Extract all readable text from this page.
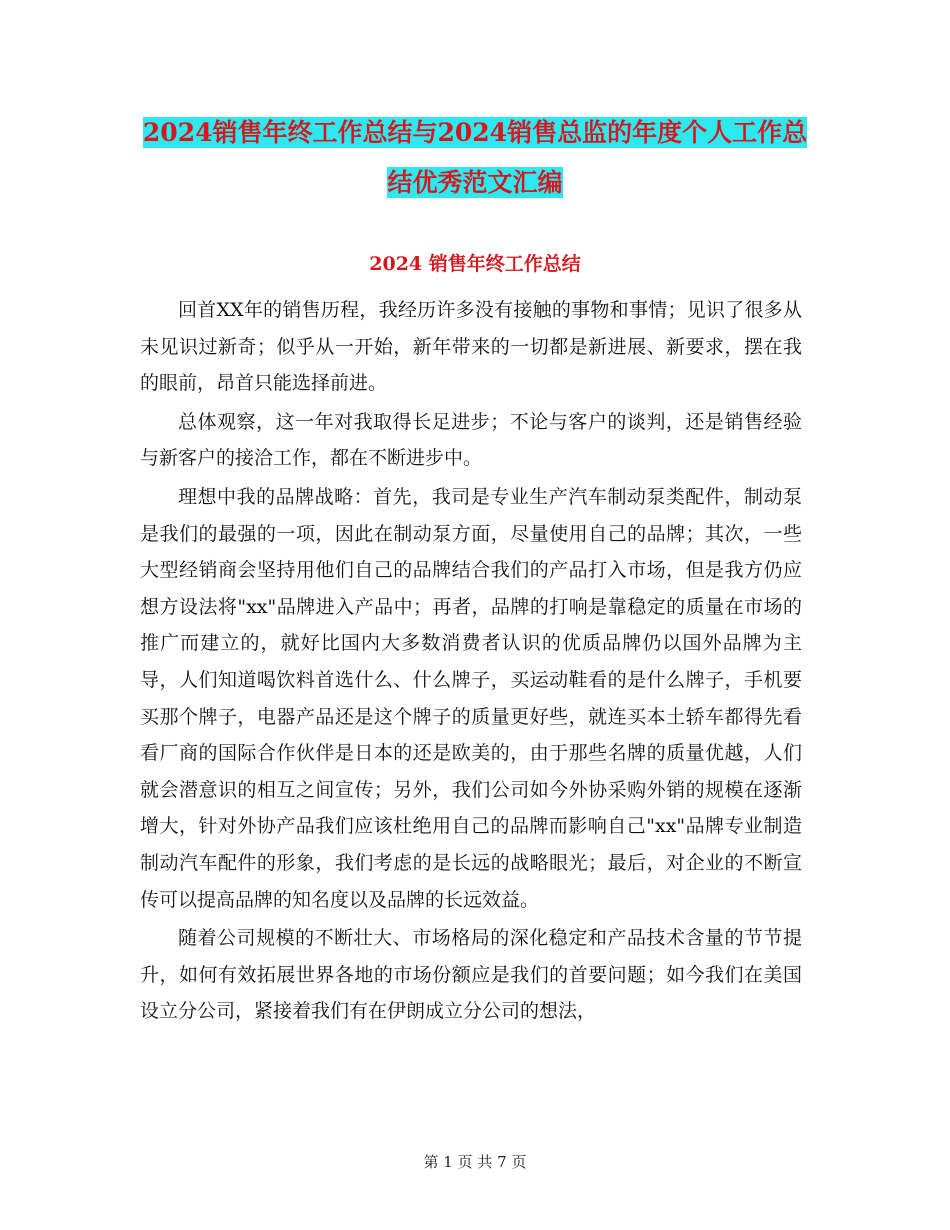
2024销售年终工作总结与2024销售总监的年度个人工作总结优秀范文汇编
2024 销售年终工作总结

回首XX年的销售历程，我经历许多没有接触的事物和事情；见识了很多从未见识过新奇；似乎从一开始，新年带来的一切都是新进展、新要求，摆在我的眼前，昂首只能选择前进。

总体观察，这一年对我取得长足进步；不论与客户的谈判，还是销售经验与新客户的接洽工作，都在不断进步中。

理想中我的品牌战略：首先，我司是专业生产汽车制动泵类配件，制动泵是我们的最强的一项，因此在制动泵方面，尽量使用自己的品牌；其次，一些大型经销商会坚持用他们自己的品牌结合我们的产品打入市场，但是我方仍应想方设法将"xx"品牌进入产品中；再者，品牌的打响是靠稳定的质量在市场的推广而建立的，就好比国内大多数消费者认识的优质品牌仍以国外品牌为主导，人们知道喝饮料首选什么、什么牌子，买运动鞋看的是什么牌子，手机要买那个牌子，电器产品还是这个牌子的质量更好些，就连买本土轿车都得先看看厂商的国际合作伙伴是日本的还是欧美的，由于那些名牌的质量优越，人们就会潜意识的相互之间宣传；另外，我们公司如今外协采购外销的规模在逐渐增大，针对外协产品我们应该杜绝用自己的品牌而影响自己"xx"品牌专业制造制动汽车配件的形象，我们考虑的是长远的战略眼光；最后，对企业的不断宣传可以提高品牌的知名度以及品牌的长远效益。

随着公司规模的不断壮大、市场格局的深化稳定和产品技术含量的节节提升，如何有效拓展世界各地的市场份额应是我们的首要问题；如今我们在美国设立分公司，紧接着我们有在伊朗成立分公司的想法，

第 1 页 共 7 页
